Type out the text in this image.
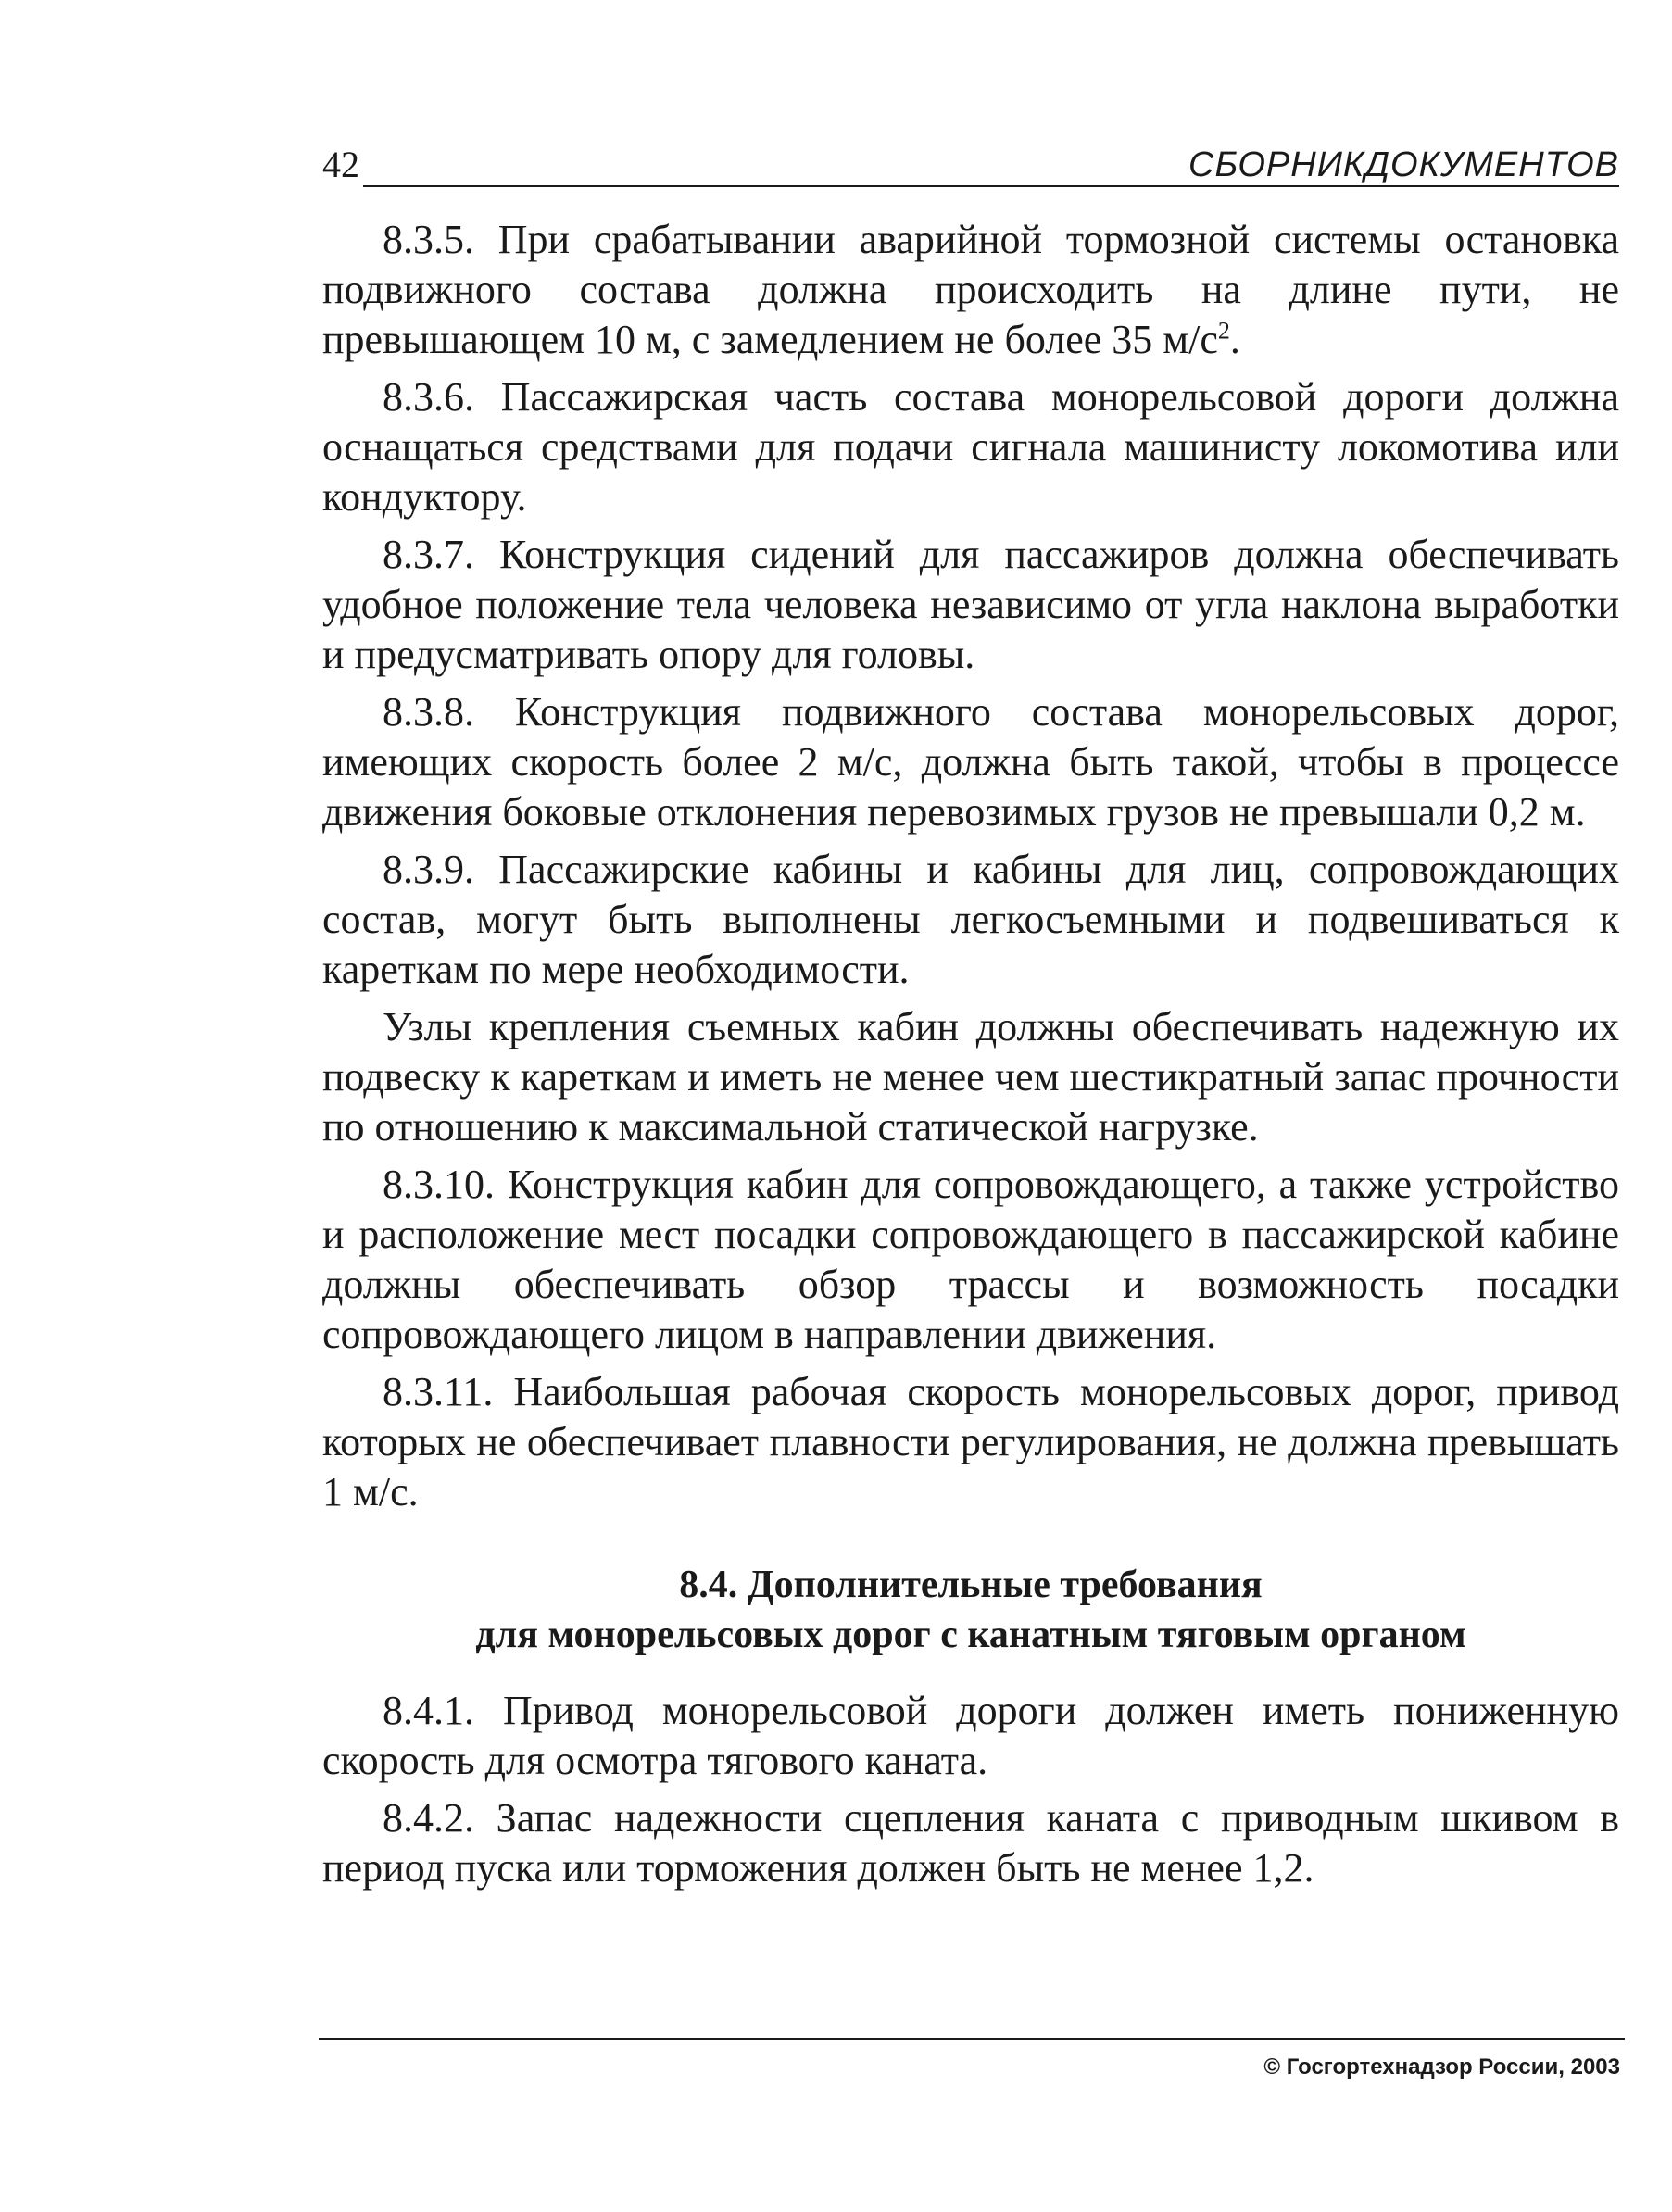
42	СБОРНИКДОКУМЕНТОВ

8.3.5. При срабатывании аварийной тормозной системы остановка подвижного состава должна происходить на длине пути, не превышающем 10 м, с замедлением не более 35 $м/с^2$.

8.3.6. Пассажирская часть состава монорельсовой дороги должна оснащаться средствами для подачи сигнала машинисту локомотива или кондуктору.

8.3.7. Конструкция сидений для пассажиров должна обеспечивать удобное положение тела человека независимо от угла наклона выработки и предусматривать опору для головы.

8.3.8. Конструкция подвижного состава монорельсовых дорог, имеющих скорость более 2 м/с, должна быть такой, чтобы в процессе движения боковые отклонения перевозимых грузов не превышали 0,2 м.

8.3.9. Пассажирские кабины и кабины для лиц, сопровождающих состав, могут быть выполнены легкосъемными и подвешиваться к кареткам по мере необходимости.

Узлы крепления съемных кабин должны обеспечивать надежную их подвеску к кареткам и иметь не менее чем шестикратный запас прочности по отношению к максимальной статической нагрузке.

8.3.10. Конструкция кабин для сопровождающего, а также устройство и расположение мест посадки сопровождающего в пассажирской кабине должны обеспечивать обзор трассы и возможность посадки сопровождающего лицом в направлении движения.

8.3.11. Наибольшая рабочая скорость монорельсовых дорог, привод которых не обеспечивает плавности регулирования, не должна превышать 1 м/с.

8.4. Дополнительные требования
для монорельсовых дорог с канатным тяговым органом

8.4.1. Привод монорельсовой дороги должен иметь пониженную скорость для осмотра тягового каната.

8.4.2. Запас надежности сцепления каната с приводным шкивом в период пуска или торможения должен быть не менее 1,2.

© Госгортехнадзор России, 2003
